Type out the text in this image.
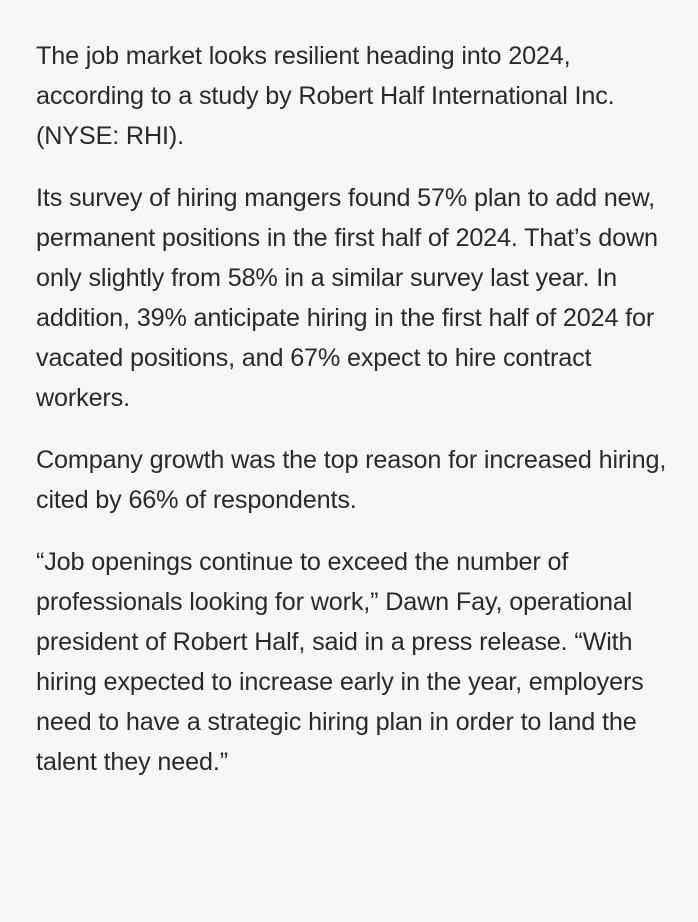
The job market looks resilient heading into 2024, according to a study by Robert Half International Inc. (NYSE: RHI).

Its survey of hiring mangers found 57% plan to add new, permanent positions in the first half of 2024. That’s down only slightly from 58% in a similar survey last year. In addition, 39% anticipate hiring in the first half of 2024 for vacated positions, and 67% expect to hire contract workers.

Company growth was the top reason for increased hiring, cited by 66% of respondents.

“Job openings continue to exceed the number of professionals looking for work,” Dawn Fay, operational president of Robert Half, said in a press release. “With hiring expected to increase early in the year, employers need to have a strategic hiring plan in order to land the talent they need.”
